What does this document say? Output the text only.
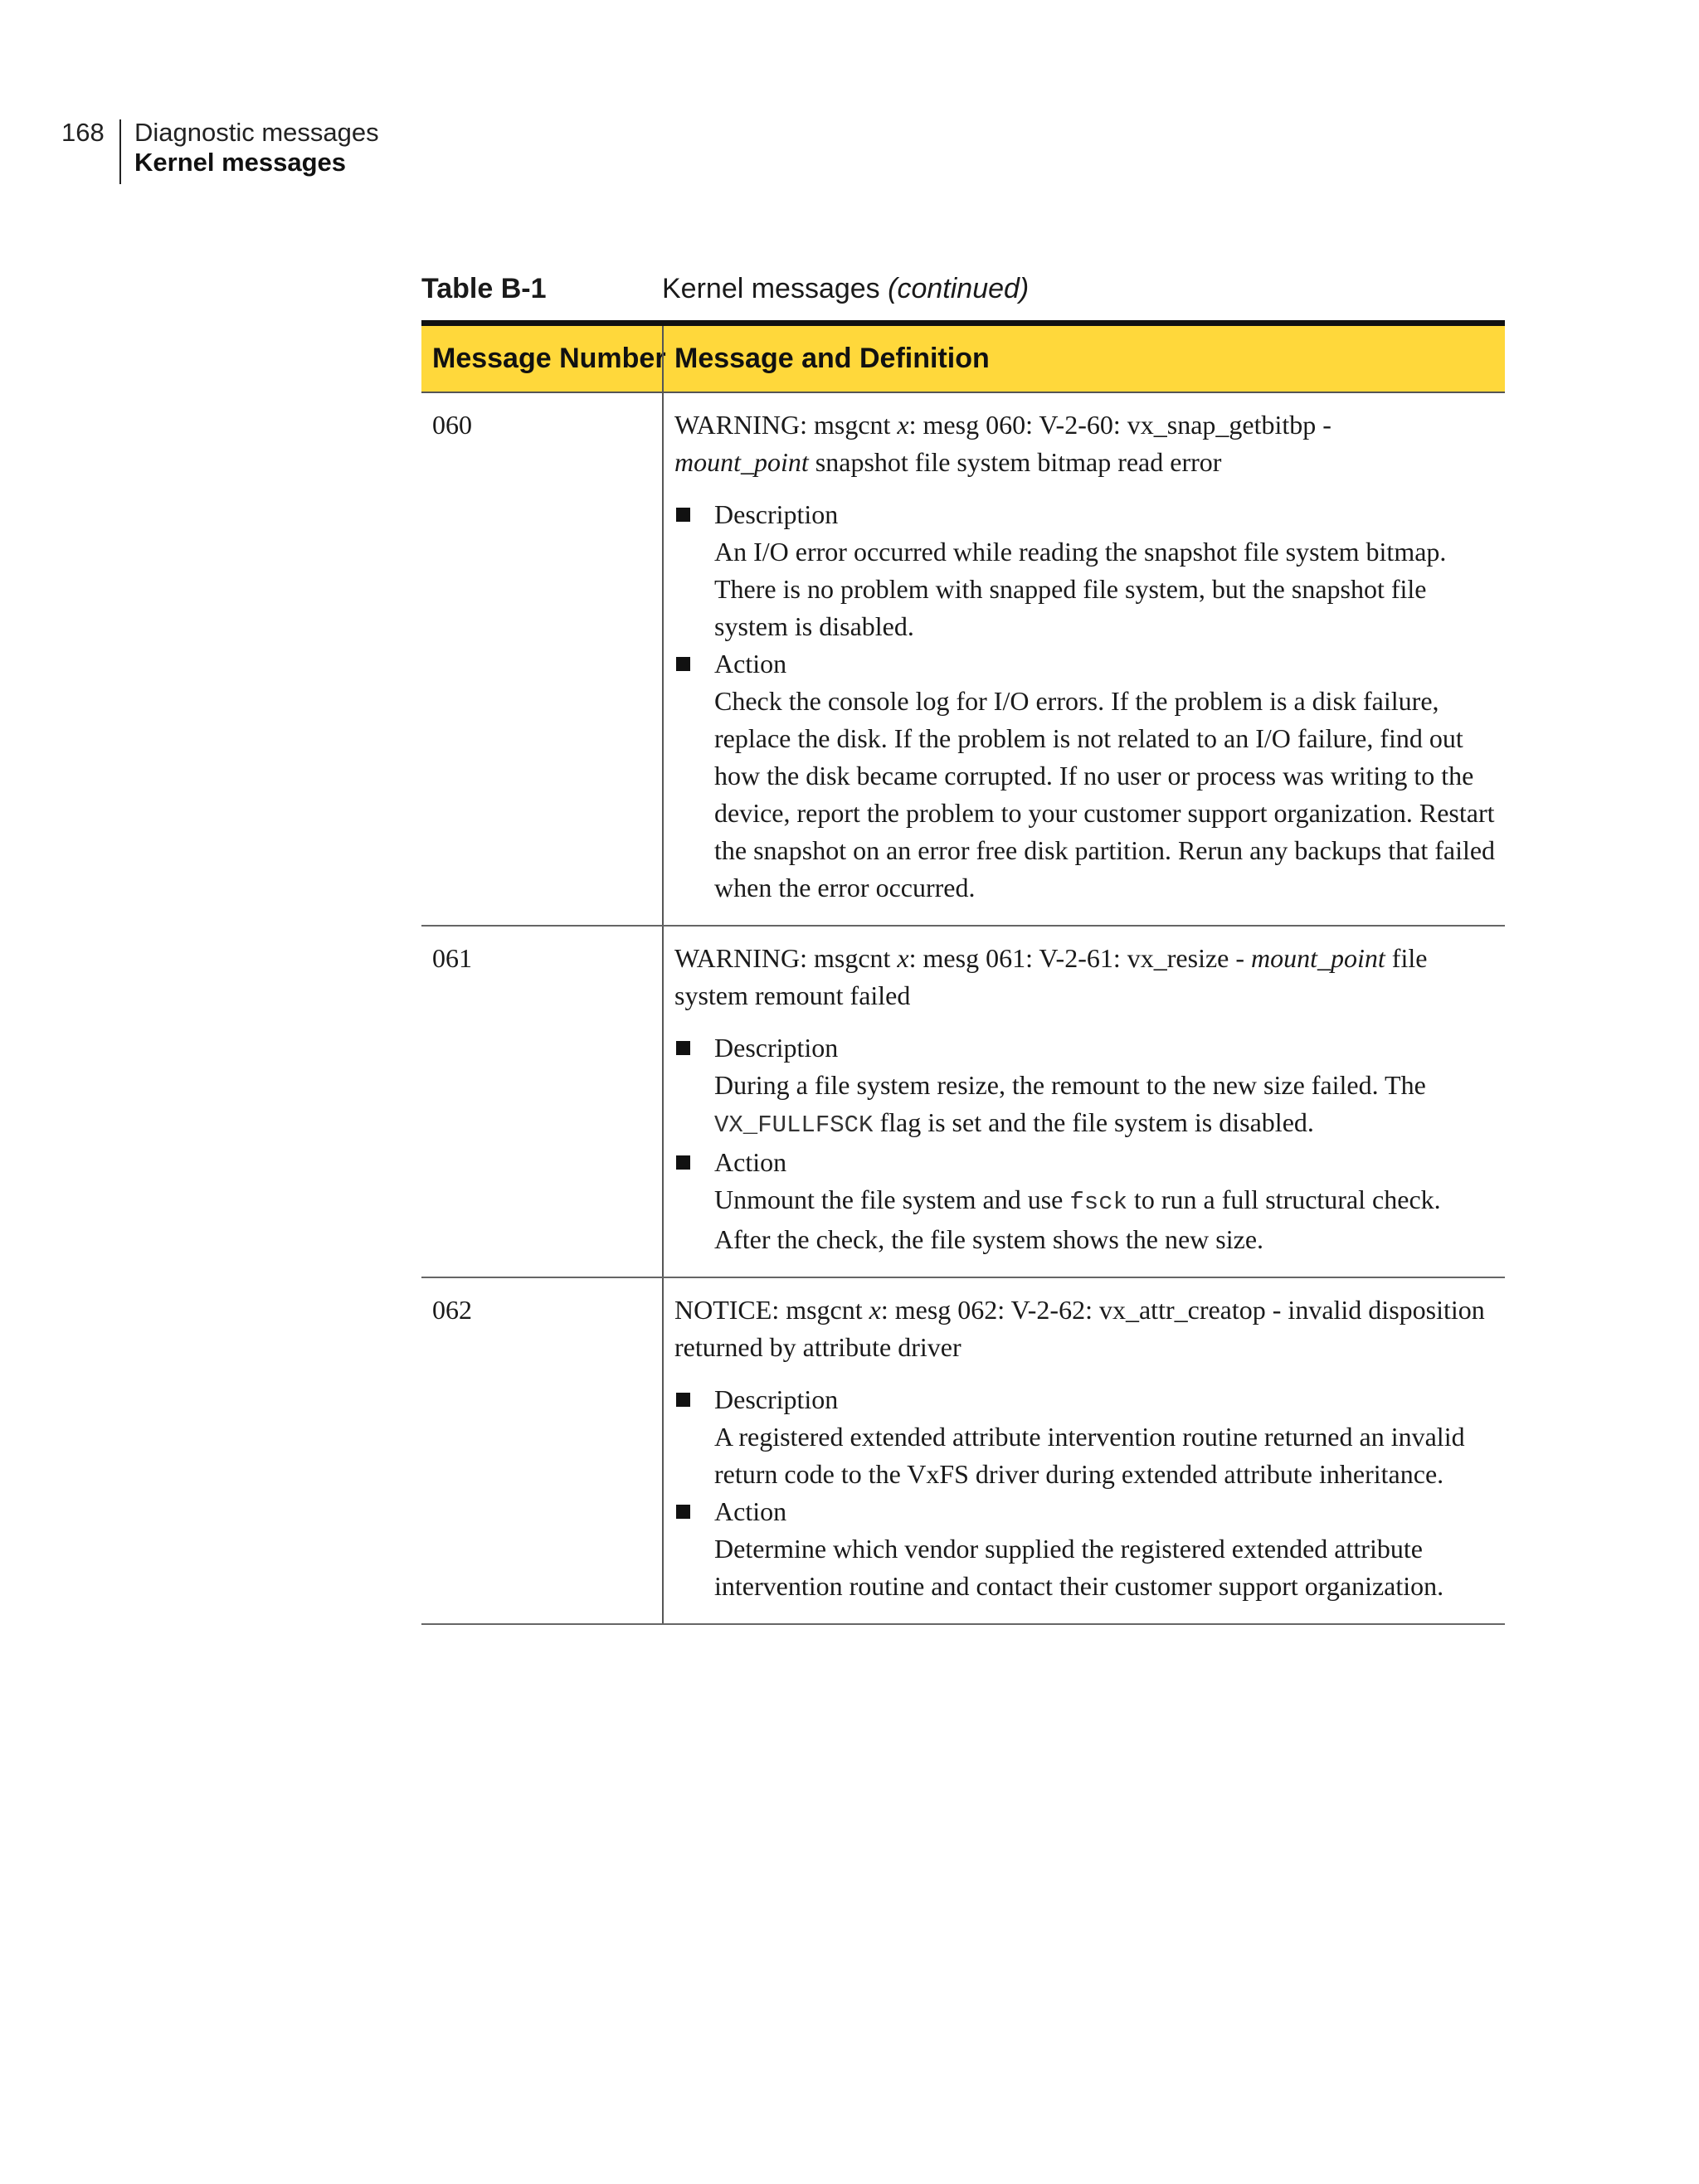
168 Diagnostic messages
Kernel messages
Table B-1	Kernel messages (continued)
Message Number Message and Definition
060	WARNING: msgcnt x: mesg 060: V-2-60: vx_snap_getbitbp -
mount_point snapshot file system bitmap read error
Description
An I/O error occurred while reading the snapshot file system bitmap. There is no problem with snapped file system, but the snapshot file system is disabled.
Action
Check the console log for I/O errors. If the problem is a disk failure, replace the disk. If the problem is not related to an I/O failure, find out how the disk became corrupted. If no user or process was writing to the device, report the problem to your customer support organization. Restart the snapshot on an error free disk partition. Rerun any backups that failed when the error occurred.
061	WARNING: msgcnt x: mesg 061: V-2-61: vx_resize - mount_point file system remount failed
Description
During a file system resize, the remount to the new size failed. The VX_FULLFSCK flag is set and the file system is disabled.
Action
Unmount the file system and use fsck to run a full structural check. After the check, the file system shows the new size.
062	NOTICE: msgcnt x: mesg 062: V-2-62: vx_attr_creatop - invalid disposition returned by attribute driver
Description
A registered extended attribute intervention routine returned an invalid return code to the VxFS driver during extended attribute inheritance.
Action
Determine which vendor supplied the registered extended attribute intervention routine and contact their customer support organization.
